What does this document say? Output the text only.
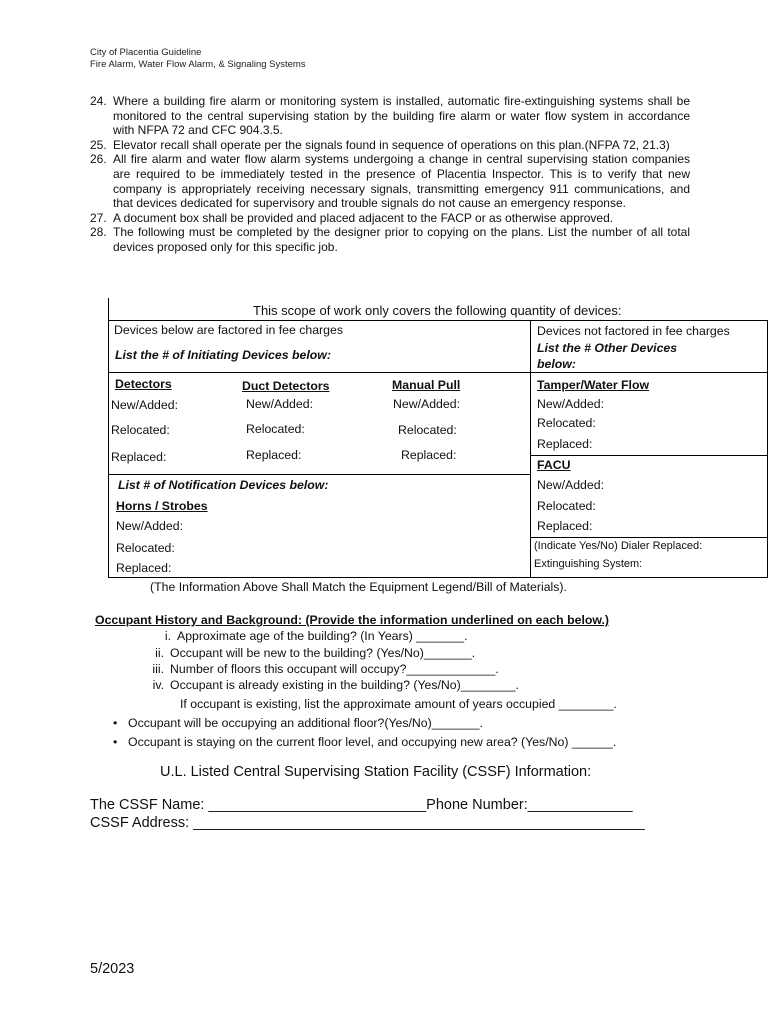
City of Placentia Guideline
Fire Alarm, Water Flow Alarm, & Signaling Systems
24. Where a building fire alarm or monitoring system is installed, automatic fire-extinguishing systems shall be monitored to the central supervising station by the building fire alarm or water flow system in accordance with NFPA 72 and CFC 904.3.5.
25. Elevator recall shall operate per the signals found in sequence of operations on this plan.(NFPA 72, 21.3)
26. All fire alarm and water flow alarm systems undergoing a change in central supervising station companies are required to be immediately tested in the presence of Placentia Inspector. This is to verify that new company is appropriately receiving necessary signals, transmitting emergency 911 communications, and that devices dedicated for supervisory and trouble signals do not cause an emergency response.
27. A document box shall be provided and placed adjacent to the FACP or as otherwise approved.
28. The following must be completed by the designer prior to copying on the plans. List the number of all total devices proposed only for this specific job.
This scope of work only covers the following quantity of devices:
Devices below are factored in fee charges	Devices not factored in fee charges
List the # of Initiating Devices below:	List the # Other Devices
below:
Detectors
New/Added:
Relocated:
Replaced:
Duct Detectors
New/Added:
Relocated:
Replaced:
Manual Pull
New/Added:
Relocated:
Replaced:
Tamper/Water Flow
New/Added:
Relocated:
Replaced:
FACU
New/Added:
Relocated:
Replaced:
List # of Notification Devices below:
Horns / Strobes
New/Added:
Relocated:
Replaced:
(Indicate Yes/No) Dialer Replaced:
Extinguishing System:
(The Information Above Shall Match the Equipment Legend/Bill of Materials).
Occupant History and Background: (Provide the information underlined on each below.)
i. Approximate age of the building? (In Years) _______.
ii. Occupant will be new to the building? (Yes/No)_______.
iii. Number of floors this occupant will occupy?_____________.
iv. Occupant is already existing in the building? (Yes/No)________.
If occupant is existing, list the approximate amount of years occupied ________.
• Occupant will be occupying an additional floor?(Yes/No)_______.
• Occupant is staying on the current floor level, and occupying new area? (Yes/No) ______.
U.L. Listed Central Supervising Station Facility (CSSF) Information:
The CSSF Name: ___________________________Phone Number:_____________
CSSF Address: ________________________________________________________
5/2023
